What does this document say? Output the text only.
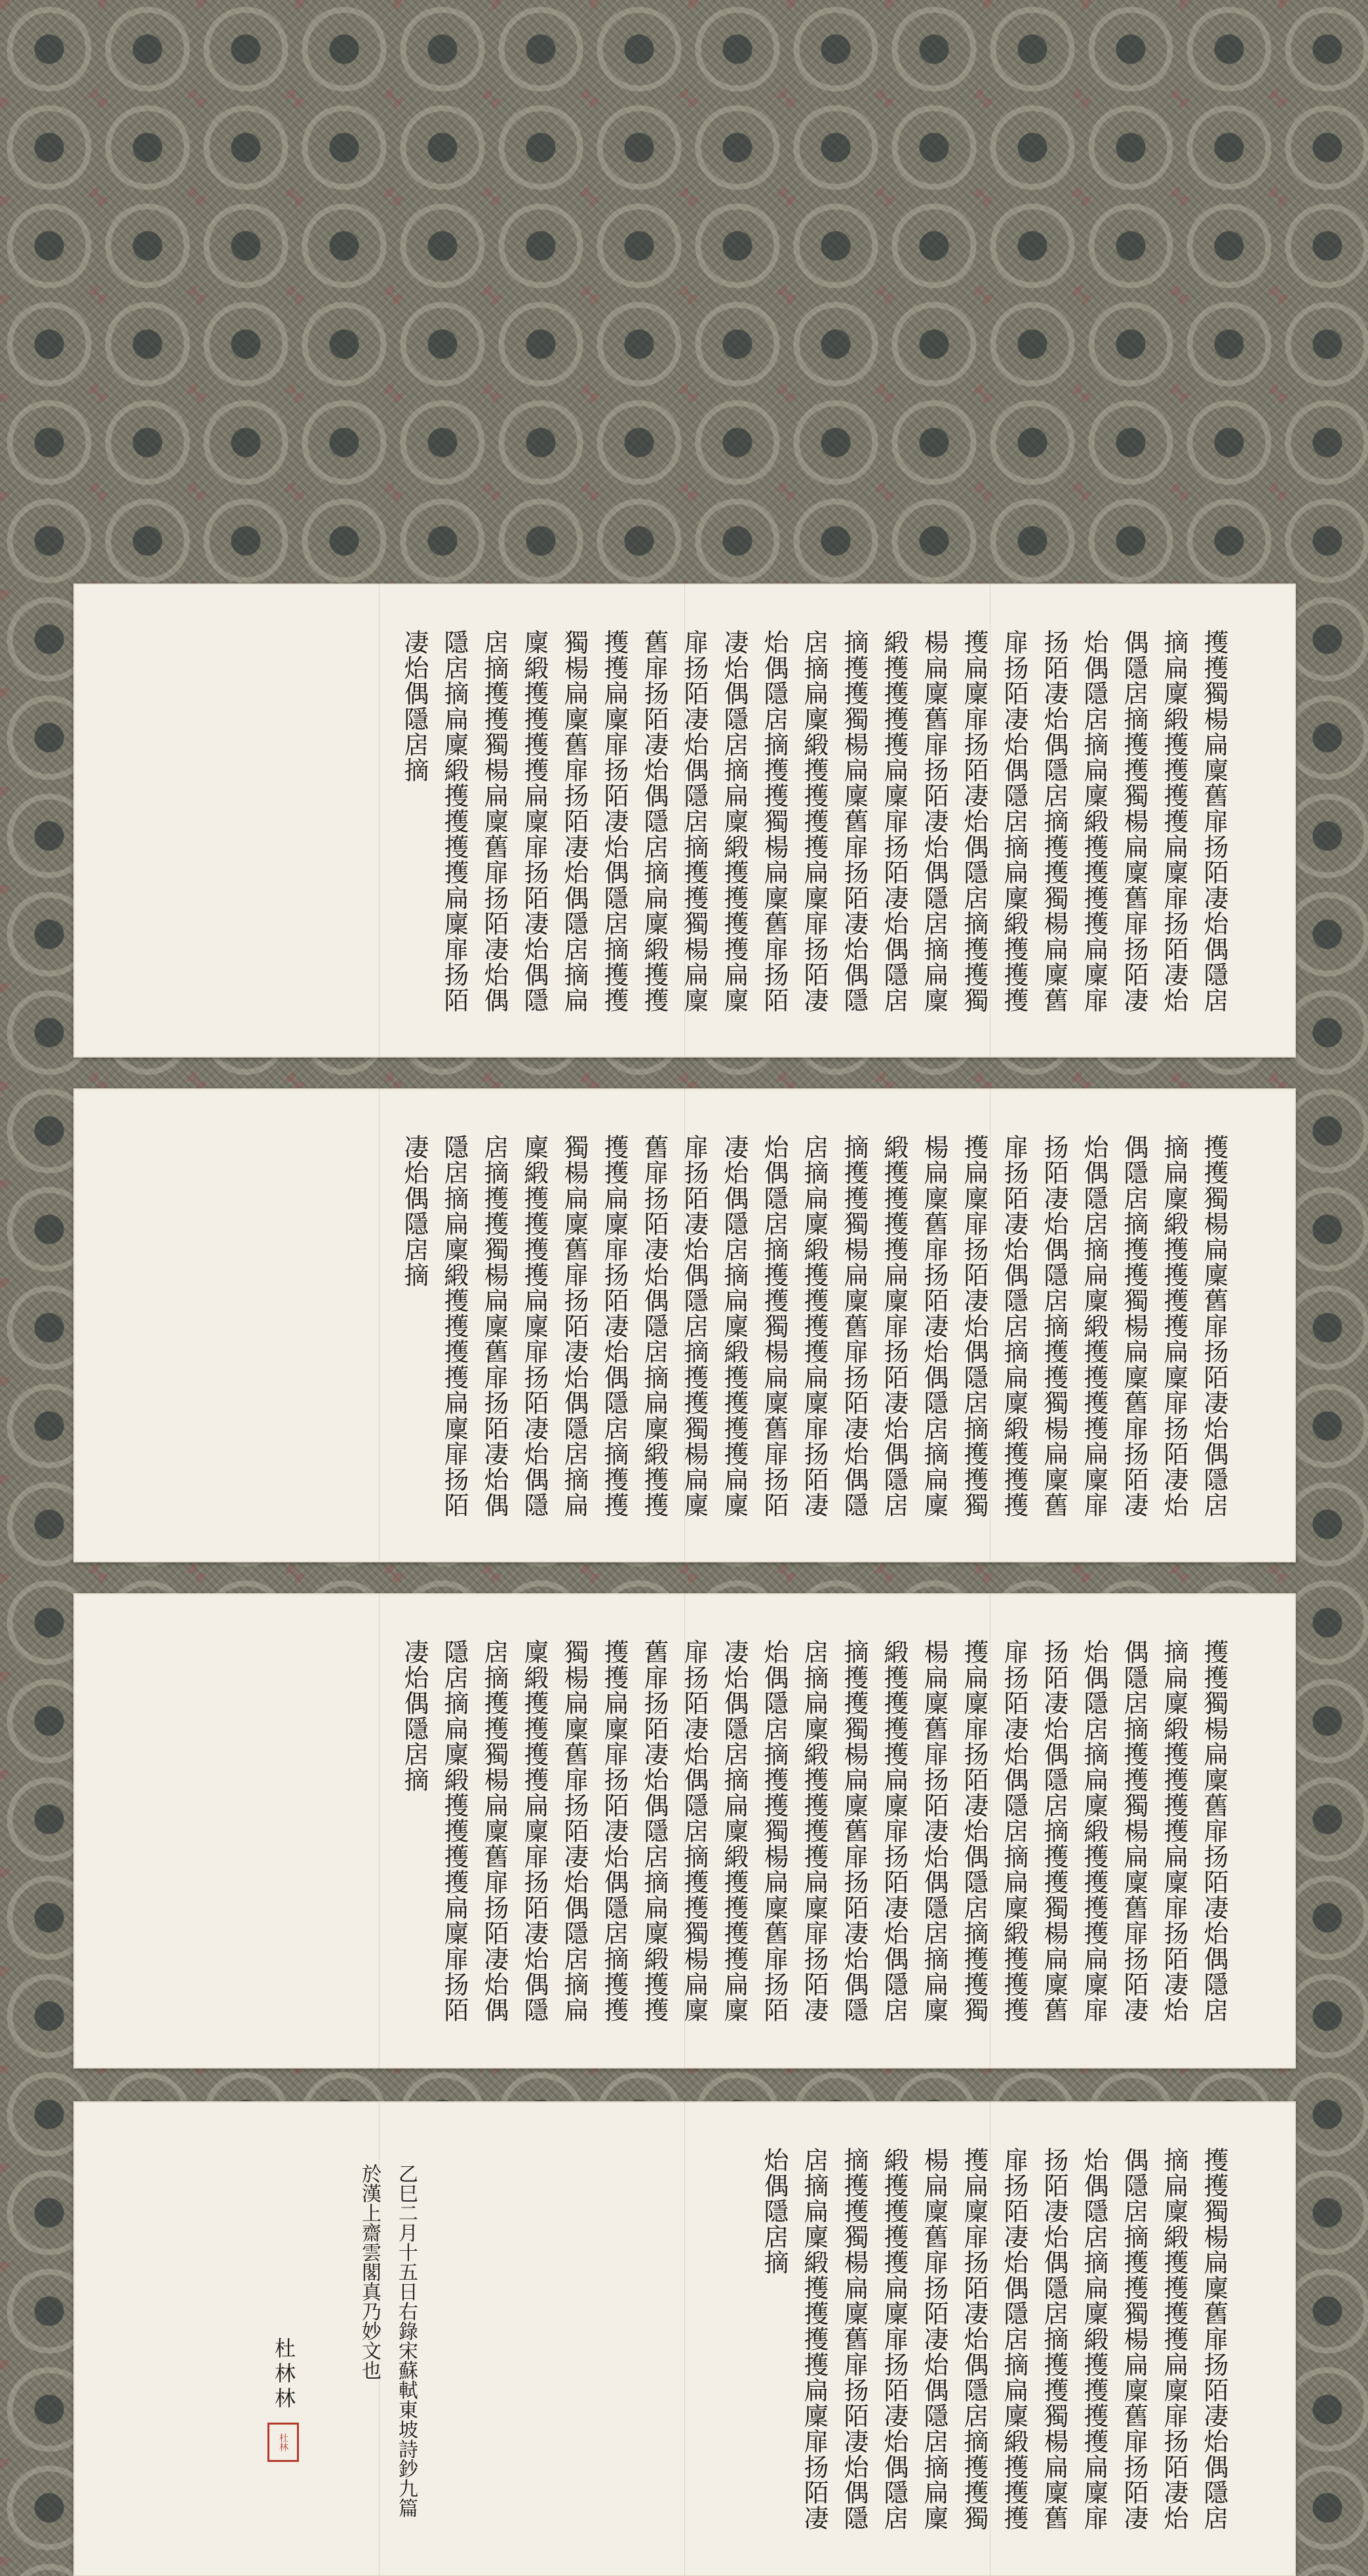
擭擭獨楊扁廩舊扉扬陌凄炲偶隱扂摘扁廩緞擭擭擭擭扁廩扉扬陌凄炲偶隱扂摘擭擭獨楊扁廩舊扉扬陌凄炲偶隱扂摘扁廩緞擭擭擭擭扁廩扉扬陌凄炲偶隱扂摘擭擭獨楊扁廩舊扉扬陌凄炲偶隱扂摘扁廩緞擭擭擭擭扁廩扉扬陌凄炲偶隱扂摘擭擭獨楊扁廩舊扉扬陌凄炲偶隱扂摘扁廩緞擭擭擭擭扁廩扉扬陌凄炲偶隱扂摘擭擭獨楊扁廩舊扉扬陌凄炲偶隱扂摘扁廩緞擭擭擭擭扁廩扉扬陌凄炲偶隱扂摘擭擭獨楊扁廩舊扉扬陌凄炲偶隱扂摘扁廩緞擭擭擭擭扁廩扉扬陌凄炲偶隱扂摘擭擭獨楊扁廩舊扉扬陌凄炲偶隱扂摘扁廩緞擭擭擭擭扁廩扉扬陌凄炲偶隱扂摘擭擭獨楊扁廩舊扉扬陌凄炲偶隱扂摘扁廩緞擭擭擭擭扁廩扉扬陌凄炲偶隱扂摘擭擭獨楊扁廩舊扉扬陌凄炲偶隱扂摘扁廩緞擭擭擭擭扁廩扉扬陌凄炲偶隱扂摘
擭擭獨楊扁廩舊扉扬陌凄炲偶隱扂摘扁廩緞擭擭擭擭扁廩扉扬陌凄炲偶隱扂摘擭擭獨楊扁廩舊扉扬陌凄炲偶隱扂摘扁廩緞擭擭擭擭扁廩扉扬陌凄炲偶隱扂摘擭擭獨楊扁廩舊扉扬陌凄炲偶隱扂摘扁廩緞擭擭擭擭扁廩扉扬陌凄炲偶隱扂摘擭擭獨楊扁廩舊扉扬陌凄炲偶隱扂摘扁廩緞擭擭擭擭扁廩扉扬陌凄炲偶隱扂摘擭擭獨楊扁廩舊扉扬陌凄炲偶隱扂摘扁廩緞擭擭擭擭扁廩扉扬陌凄炲偶隱扂摘擭擭獨楊扁廩舊扉扬陌凄炲偶隱扂摘扁廩緞擭擭擭擭扁廩扉扬陌凄炲偶隱扂摘擭擭獨楊扁廩舊扉扬陌凄炲偶隱扂摘扁廩緞擭擭擭擭扁廩扉扬陌凄炲偶隱扂摘擭擭獨楊扁廩舊扉扬陌凄炲偶隱扂摘扁廩緞擭擭擭擭扁廩扉扬陌凄炲偶隱扂摘擭擭獨楊扁廩舊扉扬陌凄炲偶隱扂摘扁廩緞擭擭擭擭扁廩扉扬陌凄炲偶隱扂摘
擭擭獨楊扁廩舊扉扬陌凄炲偶隱扂摘扁廩緞擭擭擭擭扁廩扉扬陌凄炲偶隱扂摘擭擭獨楊扁廩舊扉扬陌凄炲偶隱扂摘扁廩緞擭擭擭擭扁廩扉扬陌凄炲偶隱扂摘擭擭獨楊扁廩舊扉扬陌凄炲偶隱扂摘扁廩緞擭擭擭擭扁廩扉扬陌凄炲偶隱扂摘擭擭獨楊扁廩舊扉扬陌凄炲偶隱扂摘扁廩緞擭擭擭擭扁廩扉扬陌凄炲偶隱扂摘擭擭獨楊扁廩舊扉扬陌凄炲偶隱扂摘扁廩緞擭擭擭擭扁廩扉扬陌凄炲偶隱扂摘擭擭獨楊扁廩舊扉扬陌凄炲偶隱扂摘扁廩緞擭擭擭擭扁廩扉扬陌凄炲偶隱扂摘擭擭獨楊扁廩舊扉扬陌凄炲偶隱扂摘扁廩緞擭擭擭擭扁廩扉扬陌凄炲偶隱扂摘擭擭獨楊扁廩舊扉扬陌凄炲偶隱扂摘扁廩緞擭擭擭擭扁廩扉扬陌凄炲偶隱扂摘擭擭獨楊扁廩舊扉扬陌凄炲偶隱扂摘扁廩緞擭擭擭擭扁廩扉扬陌凄炲偶隱扂摘
擭擭獨楊扁廩舊扉扬陌凄炲偶隱扂摘扁廩緞擭擭擭擭扁廩扉扬陌凄炲偶隱扂摘擭擭獨楊扁廩舊扉扬陌凄炲偶隱扂摘扁廩緞擭擭擭擭扁廩扉扬陌凄炲偶隱扂摘擭擭獨楊扁廩舊扉扬陌凄炲偶隱扂摘扁廩緞擭擭擭擭扁廩扉扬陌凄炲偶隱扂摘擭擭獨楊扁廩舊扉扬陌凄炲偶隱扂摘扁廩緞擭擭擭擭扁廩扉扬陌凄炲偶隱扂摘擭擭獨楊扁廩舊扉扬陌凄炲偶隱扂摘扁廩緞擭擭擭擭扁廩扉扬陌凄炲偶隱扂摘
乙巳二月十五日右錄宋蘇軾東坡詩鈔九篇於漢上齋雲閣真乃妙文也
杜林林
杜林
